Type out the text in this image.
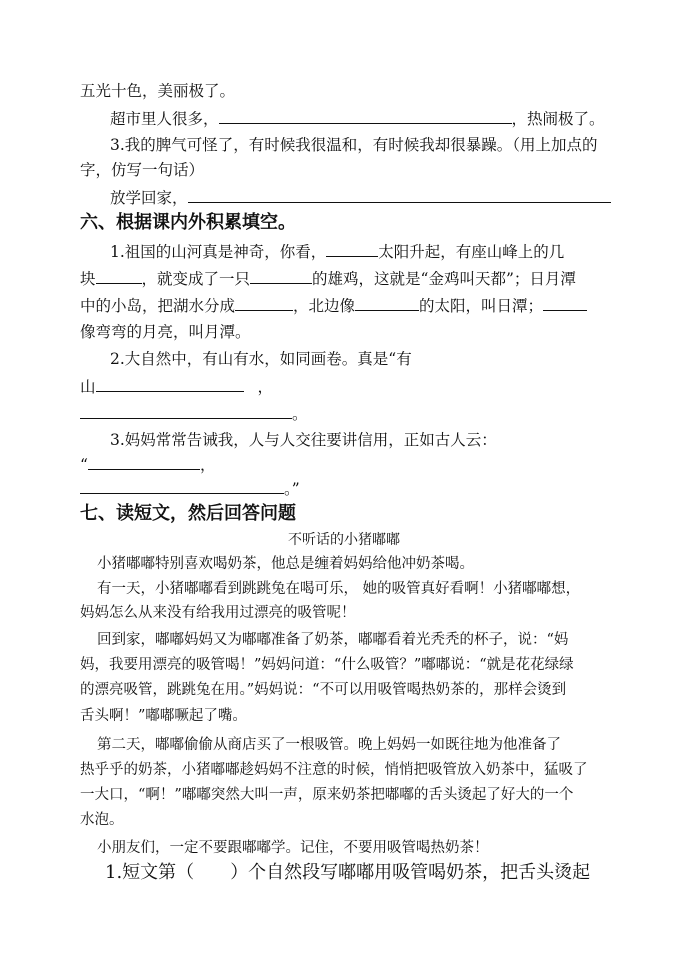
五光十色，美丽极了。
超市里人很多，	，热闹极了。
3.我的脾气可怪了，有时候我很温和，有时候我却很暴躁。（用上加点的
字，仿写一句话）
放学回家，
六、根据课内外积累填空。
1.祖国的山河真是神奇，你看，	太阳升起，有座山峰上的几
块	，就变成了一只	的雄鸡，这就是“金鸡叫天都”；日月潭
中的小岛，把湖水分成	，北边像	的太阳，叫日潭；
像弯弯的月亮，叫月潭。
2.大自然中，有山有水，如同画卷。真是“有
山	，
。
3.妈妈常常告诫我，人与人交往要讲信用，正如古人云：
“	，
。”
七、读短文，然后回答问题
不听话的小猪嘟嘟
小猪嘟嘟特别喜欢喝奶茶，他总是缠着妈妈给他冲奶茶喝。
有一天，小猪嘟嘟看到跳跳兔在喝可乐， 她的吸管真好看啊！小猪嘟嘟想，
妈妈怎么从来没有给我用过漂亮的吸管呢！
回到家，嘟嘟妈妈又为嘟嘟准备了奶茶，嘟嘟看着光秃秃的杯子，说：“妈
妈，我要用漂亮的吸管喝！”妈妈问道：“什么吸管？”嘟嘟说：“就是花花绿绿
的漂亮吸管，跳跳兔在用。”妈妈说：“不可以用吸管喝热奶茶的，那样会烫到
舌头啊！”嘟嘟噘起了嘴。
第二天，嘟嘟偷偷从商店买了一根吸管。晚上妈妈一如既往地为他准备了
热乎乎的奶茶，小猪嘟嘟趁妈妈不注意的时候，悄悄把吸管放入奶茶中，猛吸了
一大口，“啊！”嘟嘟突然大叫一声，原来奶茶把嘟嘟的舌头烫起了好大的一个
水泡。
小朋友们，一定不要跟嘟嘟学。记住，不要用吸管喝热奶茶！
1.短文第（ ）个自然段写嘟嘟用吸管喝奶茶，把舌头烫起
